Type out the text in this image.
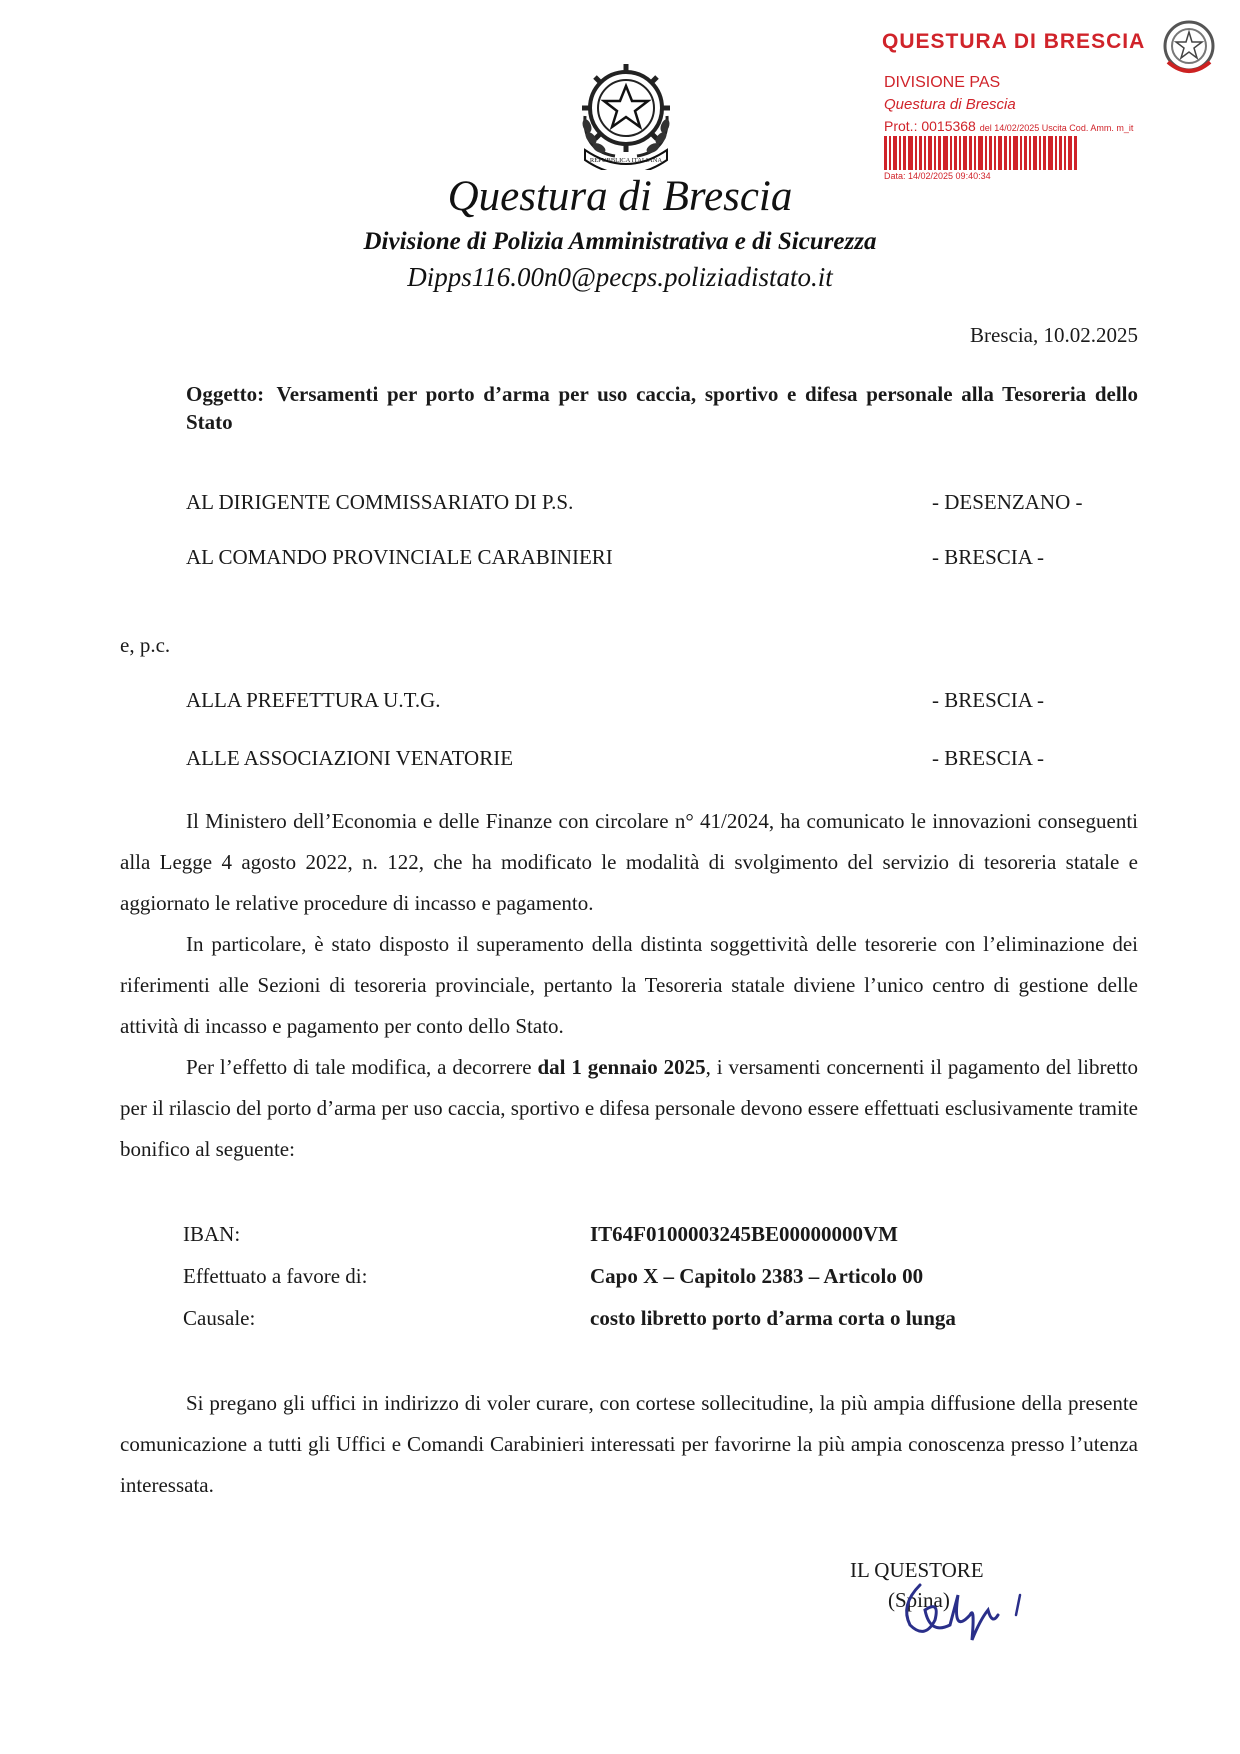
QUESTURA DI BRESCIA
DIVISIONE PAS
Questura di Brescia
Prot.: 0015368 del 14/02/2025 Uscita Cod. Amm. m_it
Data: 14/02/2025 09:40:34
REPUBBLICA ITALIANA
Questura di Brescia
Divisione di Polizia Amministrativa e di Sicurezza
Dipps116.00n0@pecps.poliziadistato.it
Brescia, 10.02.2025
Oggetto: Versamenti per porto d’arma per uso caccia, sportivo e difesa personale alla Tesoreria dello Stato
AL DIRIGENTE COMMISSARIATO DI P.S.	- DESENZANO -
AL COMANDO PROVINCIALE CARABINIERI	- BRESCIA -
e, p.c.
ALLA PREFETTURA U.T.G.	- BRESCIA -
ALLE ASSOCIAZIONI VENATORIE	- BRESCIA -
Il Ministero dell’Economia e delle Finanze con circolare n° 41/2024, ha comunicato le innovazioni conseguenti alla Legge 4 agosto 2022, n. 122, che ha modificato le modalità di svolgimento del servizio di tesoreria statale e aggiornato le relative procedure di incasso e pagamento.
In particolare, è stato disposto il superamento della distinta soggettività delle tesorerie con l’eliminazione dei riferimenti alle Sezioni di tesoreria provinciale, pertanto la Tesoreria statale diviene l’unico centro di gestione delle attività di incasso e pagamento per conto dello Stato.
Per l’effetto di tale modifica, a decorrere dal 1 gennaio 2025, i versamenti concernenti il pagamento del libretto per il rilascio del porto d’arma per uso caccia, sportivo e difesa personale devono essere effettuati esclusivamente tramite bonifico al seguente:
IBAN:	IT64F0100003245BE00000000VM
Effettuato a favore di:	Capo X – Capitolo 2383 – Articolo 00
Causale:	costo libretto porto d’arma corta o lunga
Si pregano gli uffici in indirizzo di voler curare, con cortese sollecitudine, la più ampia diffusione della presente comunicazione a tutti gli Uffici e Comandi Carabinieri interessati per favorirne la più ampia conoscenza presso l’utenza interessata.
IL QUESTORE
(Spina)
